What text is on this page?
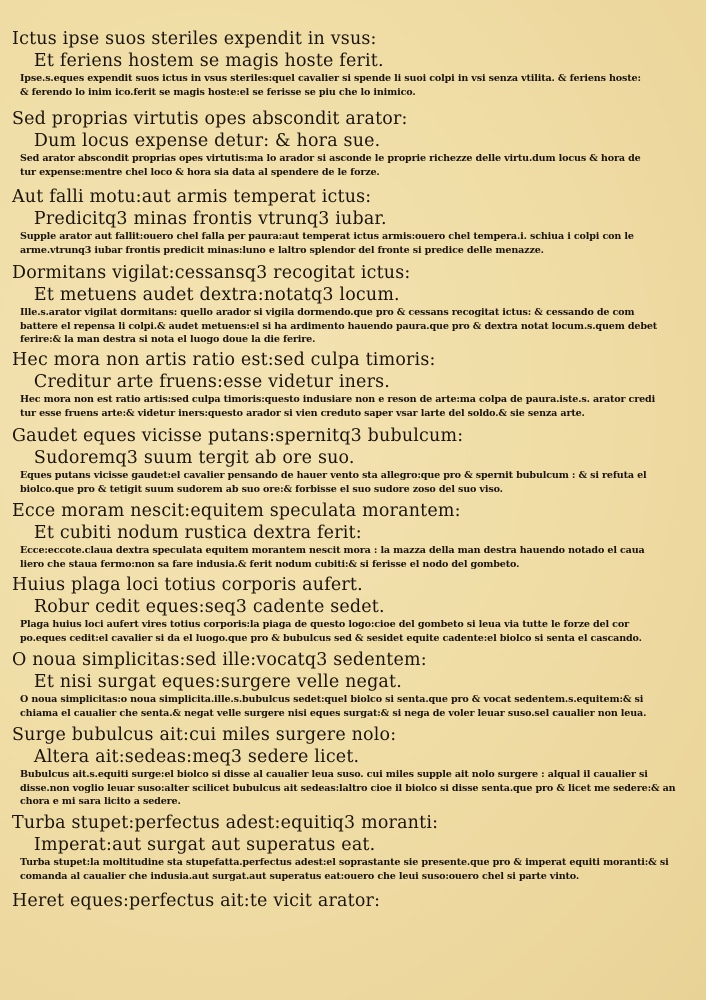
Ictus ipse suos steriles expendit in vsus:
Et feriens hostem se magis hoste ferit.
Ipse.s.eques expendit suos ictus in vsus steriles:quel cavalier si spende li suoi colpi in vsi senza vtilita. & feriens hoste:
& ferendo lo inim ico.ferit se magis hoste:el se ferisse se piu che lo inimico.
Sed proprias virtutis opes abscondit arator:
Dum locus expense detur: & hora sue.
Sed arator abscondit proprias opes virtutis:ma lo arador si asconde le proprie richezze delle virtu.dum locus & hora de
tur expense:mentre chel loco & hora sia data al spendere de le forze.
Aut falli motu:aut armis temperat ictus:
Predicitq3 minas frontis vtrunq3 iubar.
Supple arator aut fallit:ouero chel falla per paura:aut temperat ictus armis:ouero chel tempera.i. schiua i colpi con le
arme.vtrunq3 iubar frontis predicit minas:luno e laltro splendor del fronte si predice delle menazze.
Dormitans vigilat:cessansq3 recogitat ictus:
Et metuens audet dextra:notatq3 locum.
Ille.s.arator vigilat dormitans: quello arador si vigila dormendo.que pro & cessans recogitat ictus: & cessando de com
battere el repensa li colpi.& audet metuens:el si ha ardimento hauendo paura.que pro & dextra notat locum.s.quem debet
ferire:& la man destra si nota el luogo doue la die ferire.
Hec mora non artis ratio est:sed culpa timoris:
Creditur arte fruens:esse videtur iners.
Hec mora non est ratio artis:sed culpa timoris:questo indusiare non e reson de arte:ma colpa de paura.iste.s. arator credi
tur esse fruens arte:& videtur iners:questo arador si vien creduto saper vsar larte del soldo.& sie senza arte.
Gaudet eques vicisse putans:spernitq3 bubulcum:
Sudoremq3 suum tergit ab ore suo.
Eques putans vicisse gaudet:el cavalier pensando de hauer vento sta allegro:que pro & spernit bubulcum : & si refuta el
biolco.que pro & tetigit suum sudorem ab suo ore:& forbisse el suo sudore zoso del suo viso.
Ecce moram nescit:equitem speculata morantem:
Et cubiti nodum rustica dextra ferit:
Ecce:eccote.claua dextra speculata equitem morantem nescit mora : la mazza della man destra hauendo notado el caua
liero che staua fermo:non sa fare indusia.& ferit nodum cubiti:& si ferisse el nodo del gombeto.
Huius plaga loci totius corporis aufert.
Robur cedit eques:seq3 cadente sedet.
Plaga huius loci aufert vires totius corporis:la piaga de questo logo:cioe del gombeto si leua via tutte le forze del cor
po.eques cedit:el cavalier si da el luogo.que pro & bubulcus sed & sesidet equite cadente:el biolco si senta el cascando.
O noua simplicitas:sed ille:vocatq3 sedentem:
Et nisi surgat eques:surgere velle negat.
O noua simplicitas:o noua simplicita.ille.s.bubulcus sedet:quel biolco si senta.que pro & vocat sedentem.s.equitem:& si
chiama el caualier che senta.& negat velle surgere nisi eques surgat:& si nega de voler leuar suso.sel caualier non leua.
Surge bubulcus ait:cui miles surgere nolo:
Altera ait:sedeas:meq3 sedere licet.
Bubulcus ait.s.equiti surge:el biolco si disse al caualier leua suso. cui miles supple ait nolo surgere : alqual il caualier si
disse.non voglio leuar suso:alter scilicet bubulcus ait sedeas:laltro cioe il biolco si disse senta.que pro & licet me sedere:& an
chora e mi sara licito a sedere.
Turba stupet:perfectus adest:equitiq3 moranti:
Imperat:aut surgat aut superatus eat.
Turba stupet:la moltitudine sta stupefatta.perfectus adest:el soprastante sie presente.que pro & imperat equiti moranti:& si
comanda al caualier che indusia.aut surgat.aut superatus eat:ouero che leui suso:ouero chel si parte vinto.
Heret eques:perfectus ait:te vicit arator:
